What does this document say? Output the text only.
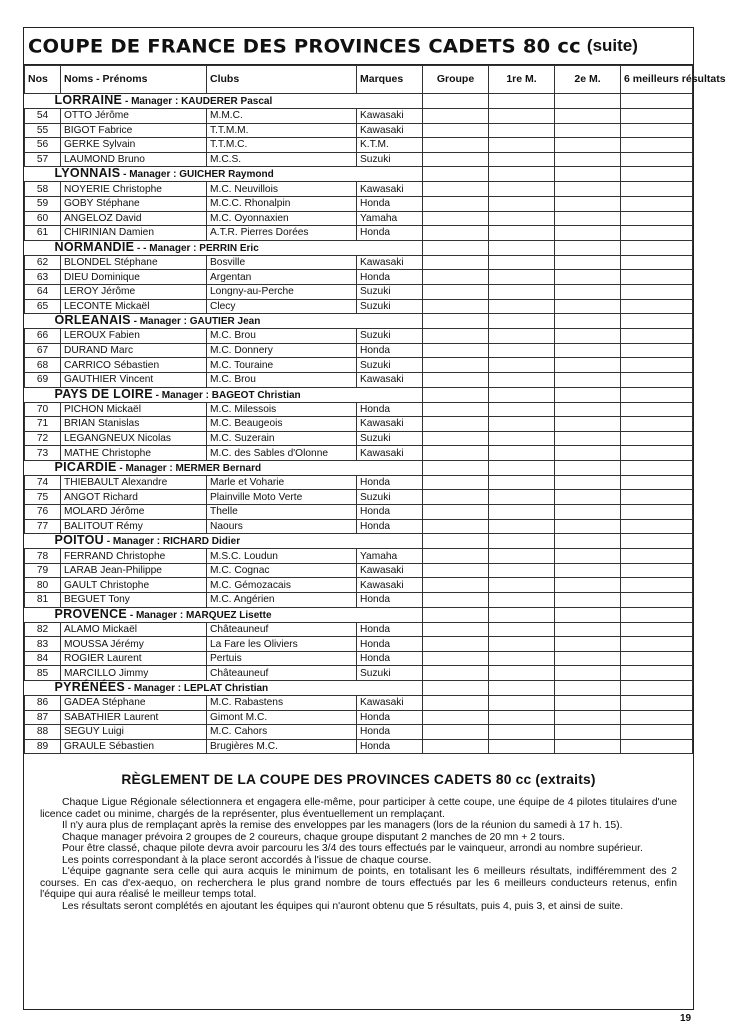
COUPE DE FRANCE DES PROVINCES CADETS 80 cc (suite)
Nos	Noms - Prénoms	Clubs	Marques	Groupe	1re M.	2e M.	6 meilleurs résultats
LORRAINE - Manager : KAUDERER Pascal							
54	OTTO Jérôme	M.M.C.	Kawasaki				
55	BIGOT Fabrice	T.T.M.M.	Kawasaki				
56	GERKE Sylvain	T.T.M.C.	K.T.M.				
57	LAUMOND Bruno	M.C.S.	Suzuki				
LYONNAIS - Manager : GUICHER Raymond							
58	NOYERIE Christophe	M.C. Neuvillois	Kawasaki				
59	GOBY Stéphane	M.C.C. Rhonalpin	Honda				
60	ANGELOZ David	M.C. Oyonnaxien	Yamaha				
61	CHIRINIAN Damien	A.T.R. Pierres Dorées	Honda				
NORMANDIE - - Manager : PERRIN Eric							
62	BLONDEL Stéphane	Bosville	Kawasaki				
63	DIEU Dominique	Argentan	Honda				
64	LEROY Jérôme	Longny-au-Perche	Suzuki				
65	LECONTE Mickaël	Clecy	Suzuki				
ORLEANAIS - Manager : GAUTIER Jean							
66	LEROUX Fabien	M.C. Brou	Suzuki				
67	DURAND Marc	M.C. Donnery	Honda				
68	CARRICO Sébastien	M.C. Touraine	Suzuki				
69	GAUTHIER Vincent	M.C. Brou	Kawasaki				
PAYS DE LOIRE - Manager : BAGEOT Christian							
70	PICHON Mickaël	M.C. Milessois	Honda				
71	BRIAN Stanislas	M.C. Beaugeois	Kawasaki				
72	LEGANGNEUX Nicolas	M.C. Suzerain	Suzuki				
73	MATHE Christophe	M.C. des Sables d'Olonne	Kawasaki				
PICARDIE - Manager : MERMER Bernard							
74	THIEBAULT Alexandre	Marle et Voharie	Honda				
75	ANGOT Richard	Plainville Moto Verte	Suzuki				
76	MOLARD Jérôme	Thelle	Honda				
77	BALITOUT Rémy	Naours	Honda				
POITOU - Manager : RICHARD Didier							
78	FERRAND Christophe	M.S.C. Loudun	Yamaha				
79	LARAB Jean-Philippe	M.C. Cognac	Kawasaki				
80	GAULT Christophe	M.C. Gémozacais	Kawasaki				
81	BEGUET Tony	M.C. Angérien	Honda				
PROVENCE - Manager : MARQUEZ Lisette							
82	ALAMO Mickaël	Châteauneuf	Honda				
83	MOUSSA Jérémy	La Fare les Oliviers	Honda				
84	ROGIER Laurent	Pertuis	Honda				
85	MARCILLO Jimmy	Châteauneuf	Suzuki				
PYRÉNÉES - Manager : LEPLAT Christian							
86	GADEA Stéphane	M.C. Rabastens	Kawasaki				
87	SABATHIER Laurent	Gimont M.C.	Honda				
88	SEGUY Luigi	M.C. Cahors	Honda				
89	GRAULE Sébastien	Brugières M.C.	Honda				
RÈGLEMENT DE LA COUPE DES PROVINCES CADETS 80 cc (extraits)

Chaque Ligue Régionale sélectionnera et engagera elle-même, pour participer à cette coupe, une équipe de 4 pilotes titulaires d'une licence cadet ou minime, chargés de la représenter, plus éventuellement un remplaçant.

Il n'y aura plus de remplaçant après la remise des enveloppes par les managers (lors de la réunion du samedi à 17 h. 15).

Chaque manager prévoira 2 groupes de 2 coureurs, chaque groupe disputant 2 manches de 20 mn + 2 tours.

Pour être classé, chaque pilote devra avoir parcouru les 3/4 des tours effectués par le vainqueur, arrondi au nombre supérieur.

Les points correspondant à la place seront accordés à l'issue de chaque course.

L'équipe gagnante sera celle qui aura acquis le minimum de points, en totalisant les 6 meilleurs résultats, indifféremment des 2 courses. En cas d'ex-aequo, on recherchera le plus grand nombre de tours effectués par les 6 meilleurs conducteurs retenus, enfin l'équipe qui aura réalisé le meilleur temps total.

Les résultats seront complétés en ajoutant les équipes qui n'auront obtenu que 5 résultats, puis 4, puis 3, et ainsi de suite.

19
